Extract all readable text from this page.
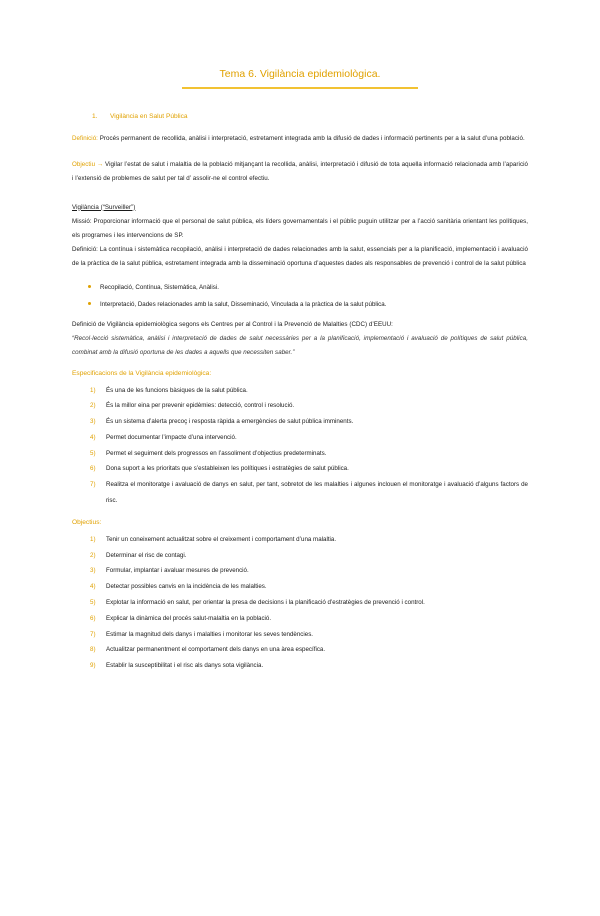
Tema 6. Vigilància epidemiològica.
1. Vigilància en Salut Pública

Definició: Procés permanent de recollida, anàlisi i interpretació, estretament integrada amb la difusió de dades i informació pertinents per a la salut d’una població.

Objectiu → Vigilar l’estat de salut i malaltia de la població mitjançant la recollida, anàlisi, interpretació i difusió de tota aquella informació relacionada amb l’aparició i l’extensió de problemes de salut per tal d’ assolir-ne el control efectiu.

Vigilància (“Surveiller”)

Missió: Proporcionar informació que el personal de salut pública, els líders governamentals i el públic puguin utilitzar per a l’acció sanitària orientant les polítiques, els programes i les intervencions de SP.

Definició: La contínua i sistemàtica recopilació, anàlisi i interpretació de dades relacionades amb la salut, essencials per a la planificació, implementació i avaluació de la pràctica de la salut pública, estretament integrada amb la disseminació oportuna d’aquestes dades als responsables de prevenció i control de la salut pública

Recopilació, Contínua, Sistemàtica, Anàlisi.
Interpretació, Dades relacionades amb la salut, Disseminació, Vinculada a la pràctica de la salut pública.

Definició de Vigilància epidemiològica segons els Centres per al Control i la Prevenció de Malalties (CDC) d’EEUU:

“Recol·lecció sistemàtica, anàlisi i interpretació de dades de salut necessàries per a la planificació, implementació i avaluació de polítiques de salut pública, combinat amb la difusió oportuna de les dades a aquells que necessiten saber.”

Especificacions de la Vigilància epidemiològica:
1) És una de les funcions bàsiques de la salut pública.
2) És la millor eina per prevenir epidèmies: detecció, control i resolució.
3) És un sistema d’alerta precoç i resposta ràpida a emergències de salut pública imminents.
4) Permet documentar l’impacte d’una intervenció.
5) Permet el seguiment dels progressos en l’assoliment d’objectius predeterminats.
6) Dona suport a les prioritats que s’estableixen les polítiques i estratègies de salut pública.
7) Realitza el monitoratge i avaluació de danys en salut, per tant, sobretot de les malalties i algunes inclouen el monitoratge i avaluació d’alguns factors de risc.
Objectius:
1) Tenir un coneixement actualitzat sobre el creixement i comportament d’una malaltia.
2) Determinar el risc de contagi.
3) Formular, implantar i avaluar mesures de prevenció.
4) Detectar possibles canvis en la incidència de les malalties.
5) Explotar la informació en salut, per orientar la presa de decisions i la planificació d’estratègies de prevenció i control.
6) Explicar la dinàmica del procés salut-malaltia en la població.
7) Estimar la magnitud dels danys i malalties i monitorar les seves tendències.
8) Actualitzar permanentment el comportament dels danys en una àrea específica.
9) Establir la susceptibilitat i el risc als danys sota vigilància.
